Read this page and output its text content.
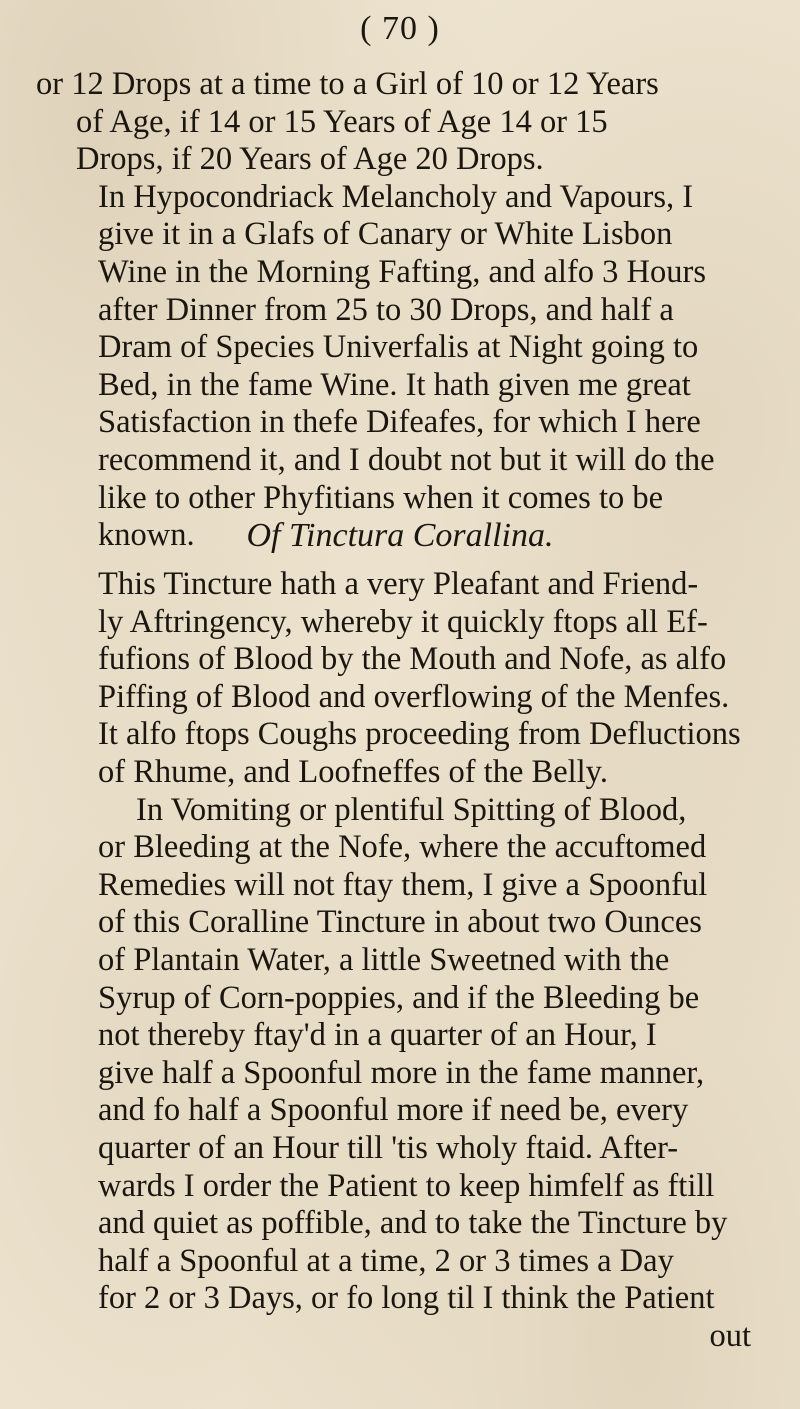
( 70 )
or 12 Drops at a time to a Girl of 10 or 12 Years
of Age, if 14 or 15 Years of Age 14 or 15
Drops, if 20 Years of Age 20 Drops.
In Hypocondriack Melancholy and Vapours, I
give it in a Glafs of Canary or White Lisbon
Wine in the Morning Fafting, and alfo 3 Hours
after Dinner from 25 to 30 Drops, and half a
Dram of Species Univerfalis at Night going to
Bed, in the fame Wine. It hath given me great
Satisfaction in thefe Difeafes, for which I here
recommend it, and I doubt not but it will do the
like to other Phyfitians when it comes to be
known.	Of Tinctura Corallina.
This Tincture hath a very Pleafant and Friend-
ly Aftringency, whereby it quickly ftops all Ef-
fufions of Blood by the Mouth and Nofe, as alfo
Piffing of Blood and overflowing of the Menfes.
It alfo ftops Coughs proceeding from Defluctions
of Rhume, and Loofneffes of the Belly.
In Vomiting or plentiful Spitting of Blood,
or Bleeding at the Nofe, where the accuftomed
Remedies will not ftay them, I give a Spoonful
of this Coralline Tincture in about two Ounces
of Plantain Water, a little Sweetned with the
Syrup of Corn-poppies, and if the Bleeding be
not thereby ftay'd in a quarter of an Hour, I
give half a Spoonful more in the fame manner,
and fo half a Spoonful more if need be, every
quarter of an Hour till 'tis wholy ftaid. After-
wards I order the Patient to keep himfelf as ftill
and quiet as poffible, and to take the Tincture by
half a Spoonful at a time, 2 or 3 times a Day
for 2 or 3 Days, or fo long til I think the Patient
out
